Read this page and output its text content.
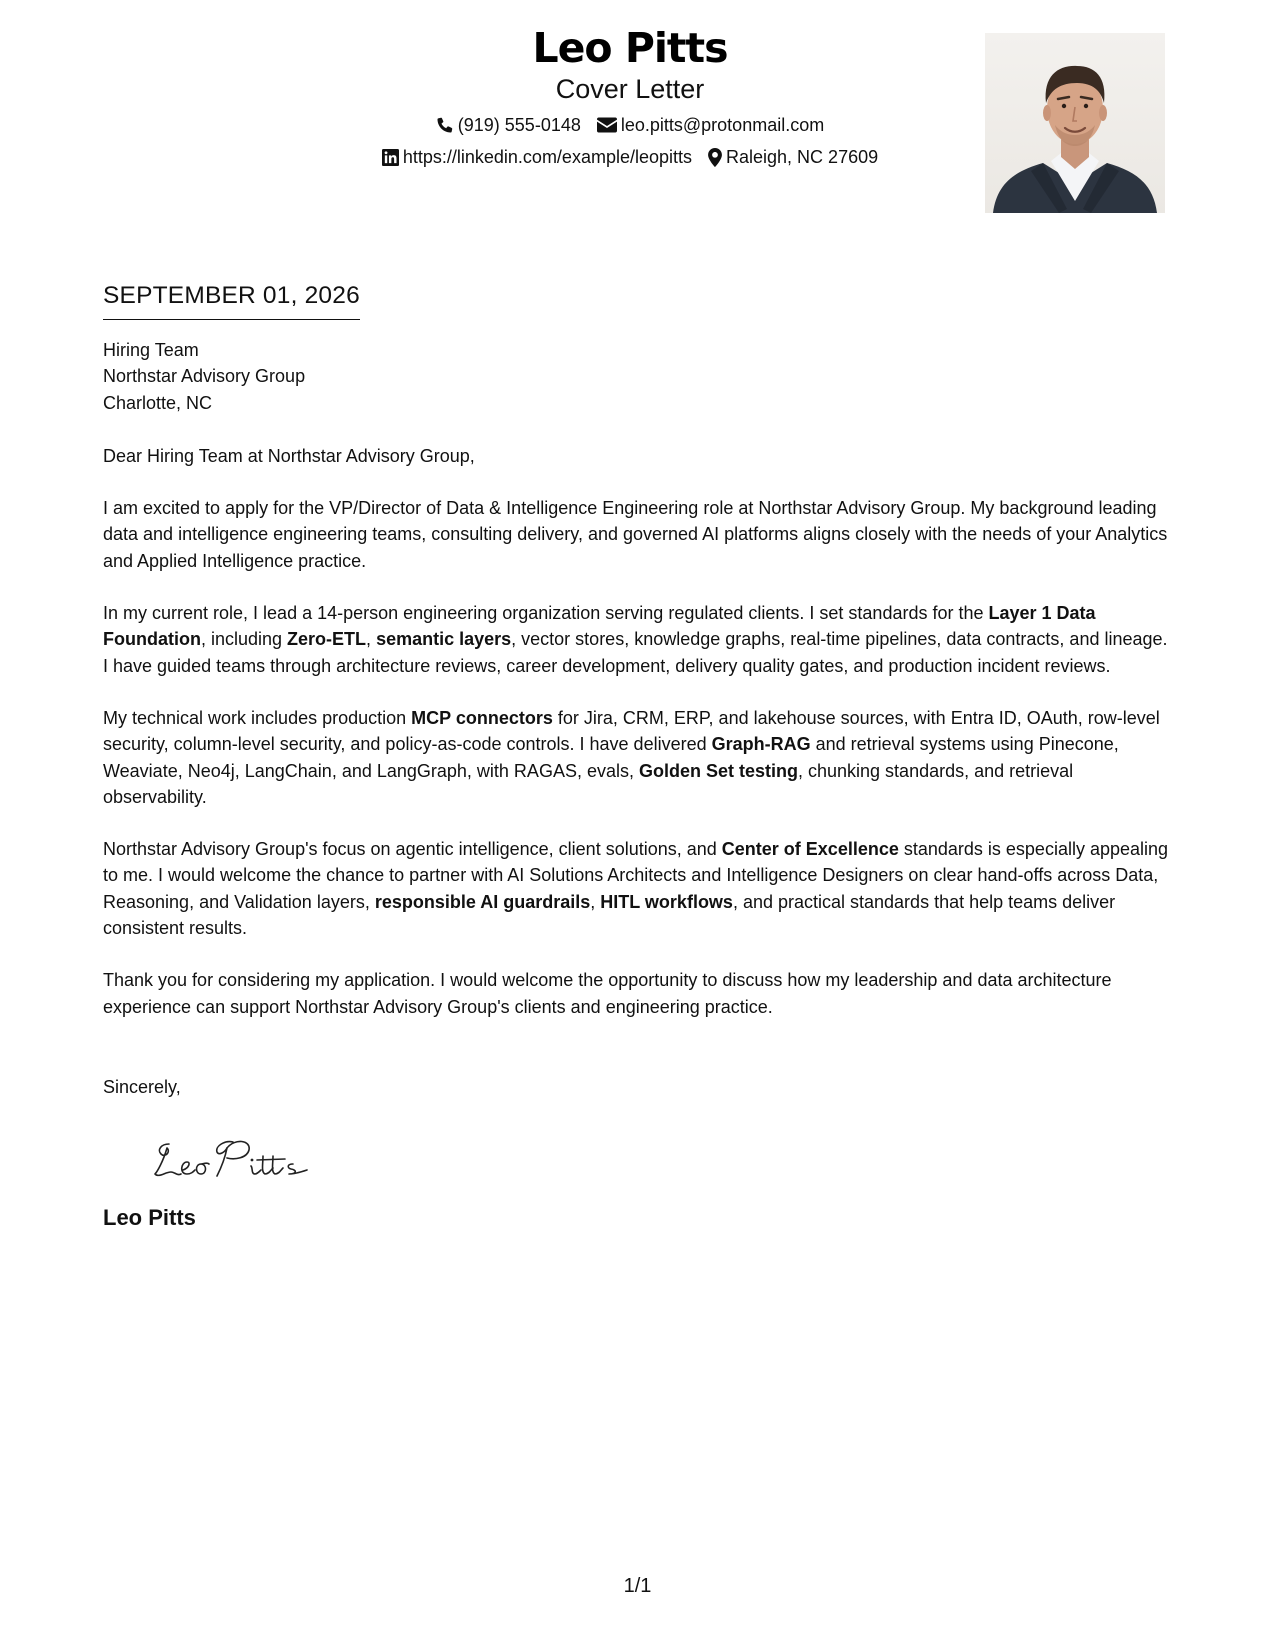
Leo Pitts
Cover Letter
(919) 555-0148 leo.pitts@protonmail.com
https://linkedin.com/example/leopitts Raleigh, NC 27609
SEPTEMBER 01, 2026
Hiring Team
Northstar Advisory Group
Charlotte, NC
Dear Hiring Team at Northstar Advisory Group,
I am excited to apply for the VP/Director of Data & Intelligence Engineering role at Northstar Advisory Group. My background leading data and intelligence engineering teams, consulting delivery, and governed AI platforms aligns closely with the needs of your Analytics and Applied Intelligence practice.
In my current role, I lead a 14-person engineering organization serving regulated clients. I set standards for the Layer 1 Data Foundation, including Zero-ETL, semantic layers, vector stores, knowledge graphs, real-time pipelines, data contracts, and lineage. I have guided teams through architecture reviews, career development, delivery quality gates, and production incident reviews.
My technical work includes production MCP connectors for Jira, CRM, ERP, and lakehouse sources, with Entra ID, OAuth, row-level security, column-level security, and policy-as-code controls. I have delivered Graph-RAG and retrieval systems using Pinecone, Weaviate, Neo4j, LangChain, and LangGraph, with RAGAS, evals, Golden Set testing, chunking standards, and retrieval observability.
Northstar Advisory Group's focus on agentic intelligence, client solutions, and Center of Excellence standards is especially appealing to me. I would welcome the chance to partner with AI Solutions Architects and Intelligence Designers on clear hand-offs across Data, Reasoning, and Validation layers, responsible AI guardrails, HITL workflows, and practical standards that help teams deliver consistent results.
Thank you for considering my application. I would welcome the opportunity to discuss how my leadership and data architecture experience can support Northstar Advisory Group's clients and engineering practice.
Sincerely,
Leo Pitts
1/1
